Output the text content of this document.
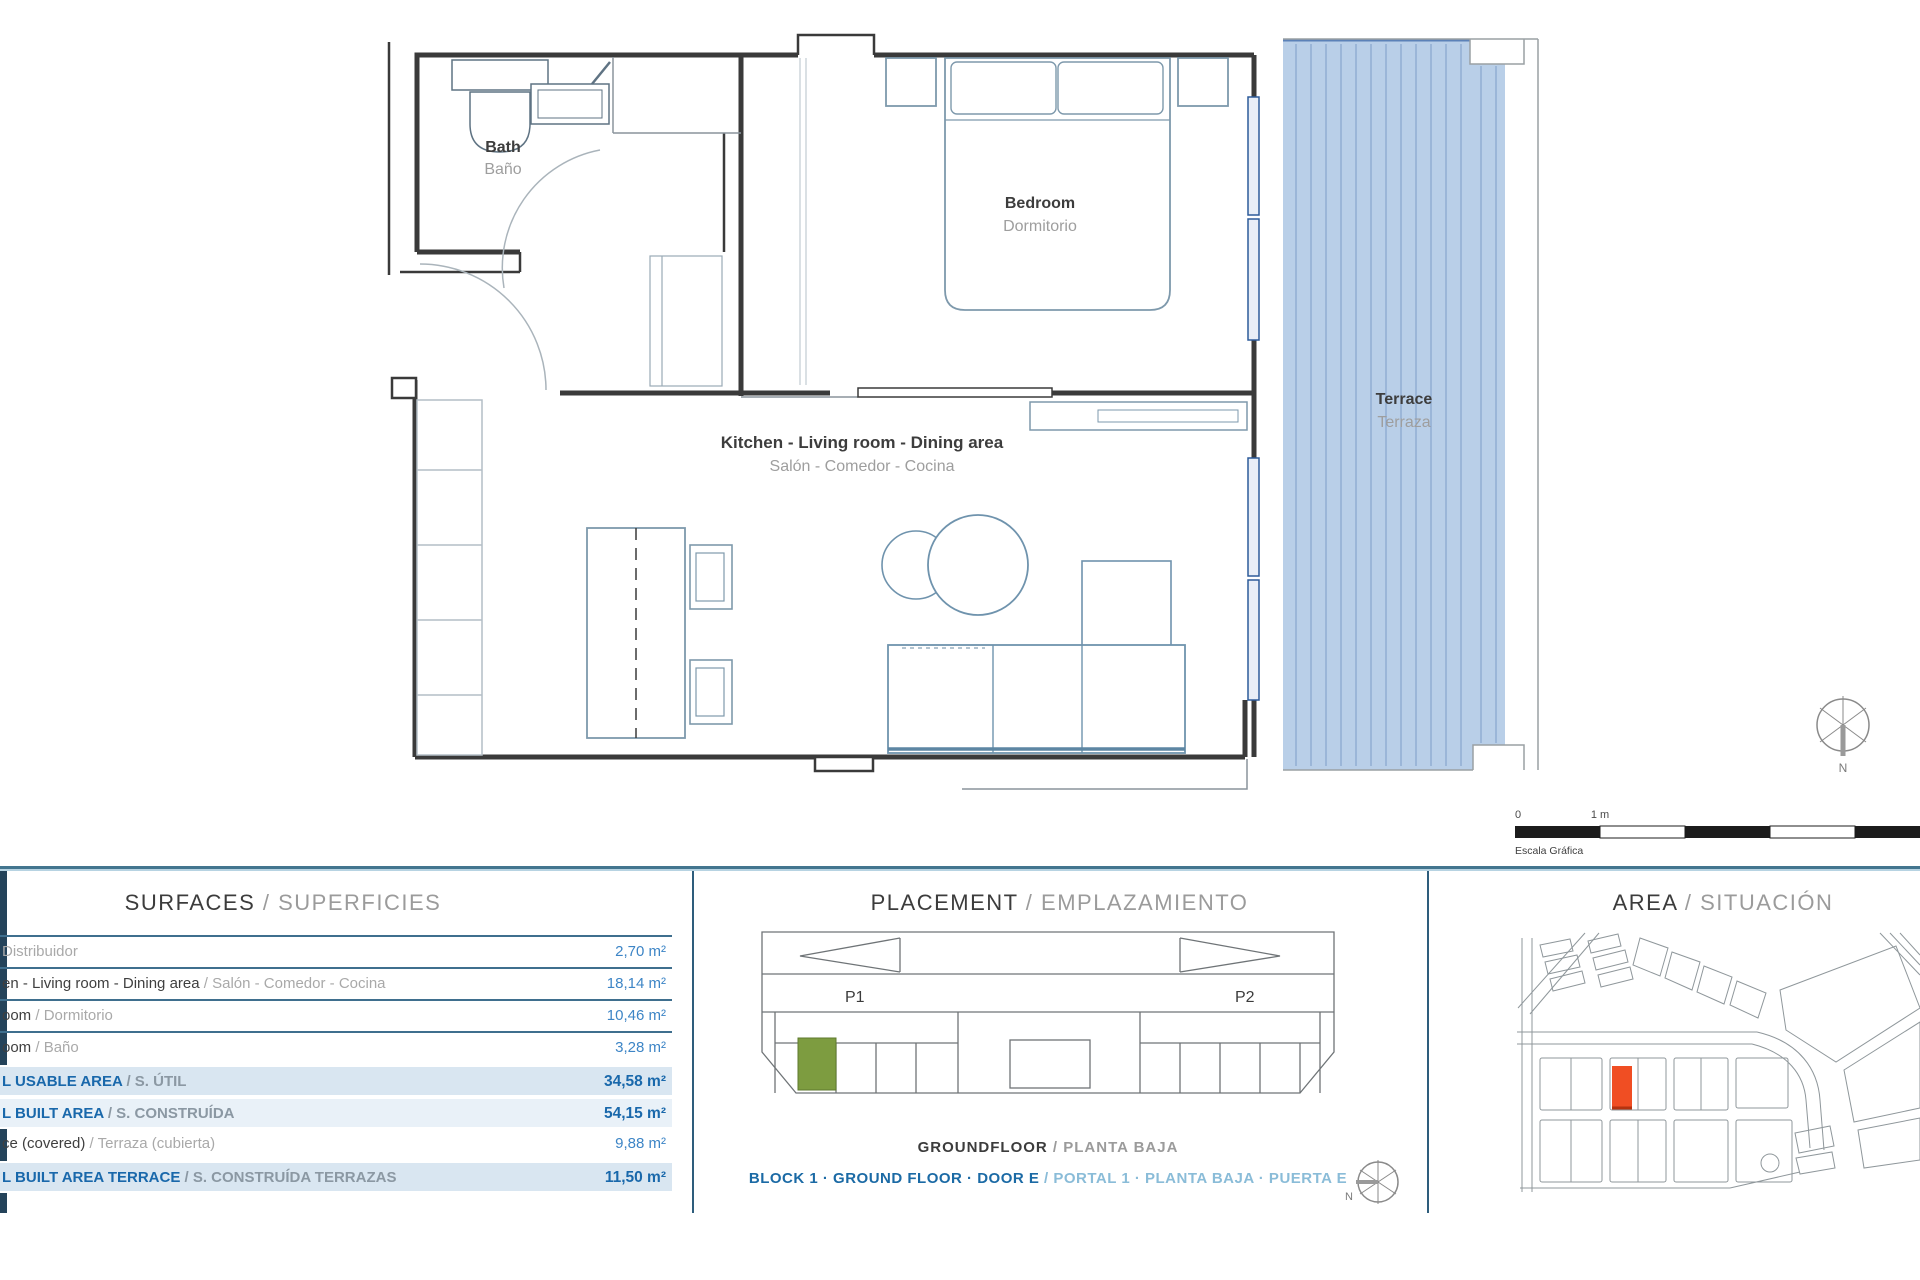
Bath
Baño
Bedroom
Dormitorio
Kitchen - Living room - Dining area
Salón - Comedor - Cocina
Terrace
Terraza
N
0	1 m
Escala Gráfica
SURFACES / SUPERFICIES	PLACEMENT / EMPLAZAMIENTO	AREA / SITUACIÓN
Distribuidor	2,70 m²
en - Living room - Dining area / Salón - Comedor - Cocina	18,14 m²
oom / Dormitorio	10,46 m²
oom / Baño	3,28 m²
L USABLE AREA / S. ÚTIL	34,58 m²
L BUILT AREA / S. CONSTRUÍDA	54,15 m²
ce (covered) / Terraza (cubierta)	9,88 m²
L BUILT AREA TERRACE / S. CONSTRUÍDA TERRAZAS	11,50 m²
P1	P2
N
GROUNDFLOOR / PLANTA BAJA
BLOCK 1 · GROUND FLOOR · DOOR E / PORTAL 1 · PLANTA BAJA · PUERTA E
